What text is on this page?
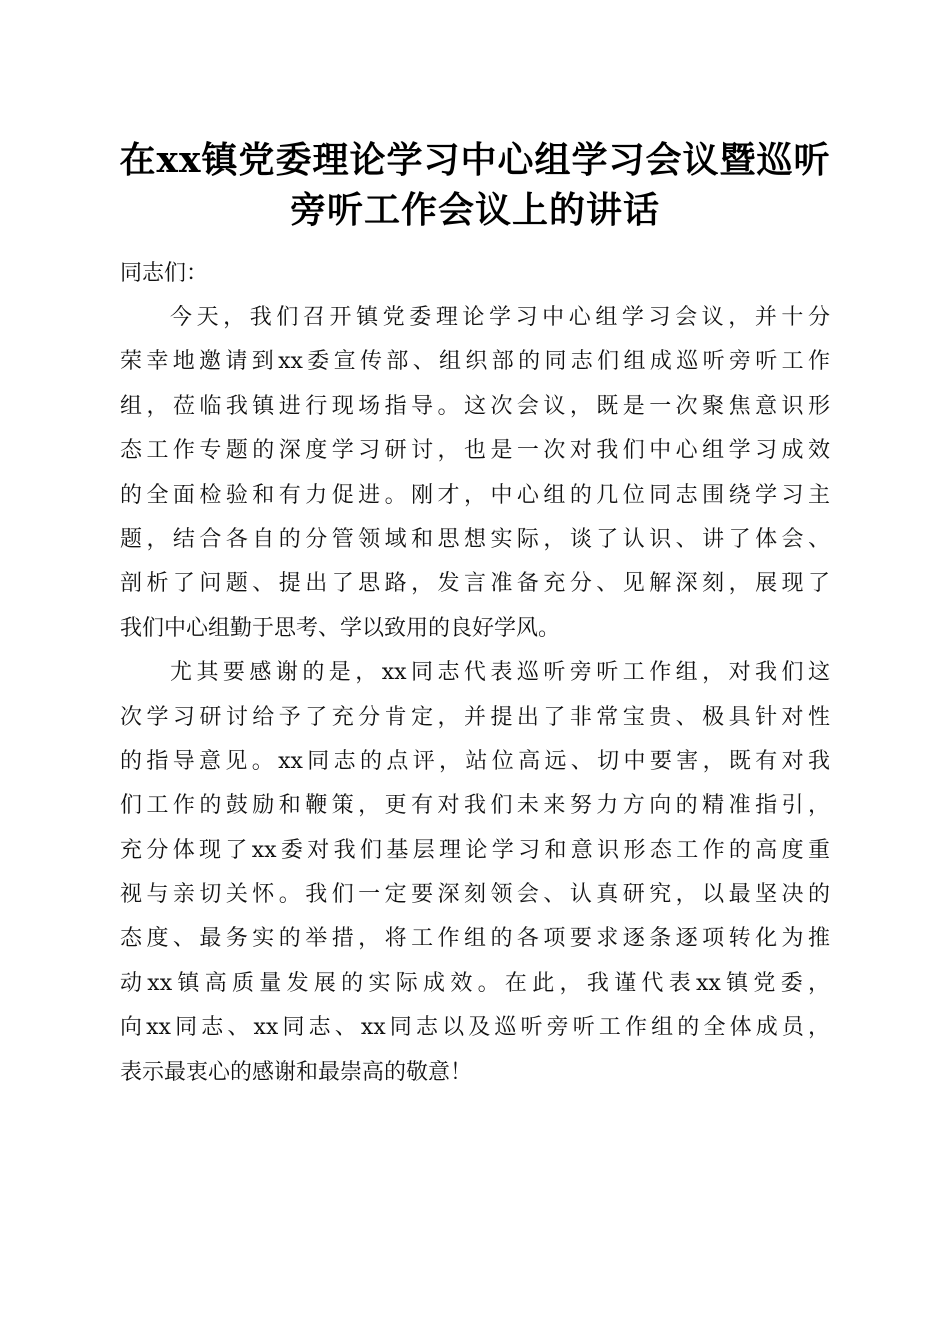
在xx镇党委理论学习中心组学习会议暨巡听
旁听工作会议上的讲话

同志们：

今天，我们召开镇党委理论学习中心组学习会议，并十分
荣幸地邀请到xx委宣传部、组织部的同志们组成巡听旁听工作
组，莅临我镇进行现场指导。这次会议，既是一次聚焦意识形
态工作专题的深度学习研讨，也是一次对我们中心组学习成效
的全面检验和有力促进。刚才，中心组的几位同志围绕学习主
题，结合各自的分管领域和思想实际，谈了认识、讲了体会、
剖析了问题、提出了思路，发言准备充分、见解深刻，展现了
我们中心组勤于思考、学以致用的良好学风。

尤其要感谢的是，xx同志代表巡听旁听工作组，对我们这
次学习研讨给予了充分肯定，并提出了非常宝贵、极具针对性
的指导意见。xx同志的点评，站位高远、切中要害，既有对我
们工作的鼓励和鞭策，更有对我们未来努力方向的精准指引，
充分体现了xx委对我们基层理论学习和意识形态工作的高度重
视与亲切关怀。我们一定要深刻领会、认真研究，以最坚决的
态度、最务实的举措，将工作组的各项要求逐条逐项转化为推
动xx镇高质量发展的实际成效。在此，我谨代表xx镇党委，
向xx同志、xx同志、xx同志以及巡听旁听工作组的全体成员，
表示最衷心的感谢和最崇高的敬意！
